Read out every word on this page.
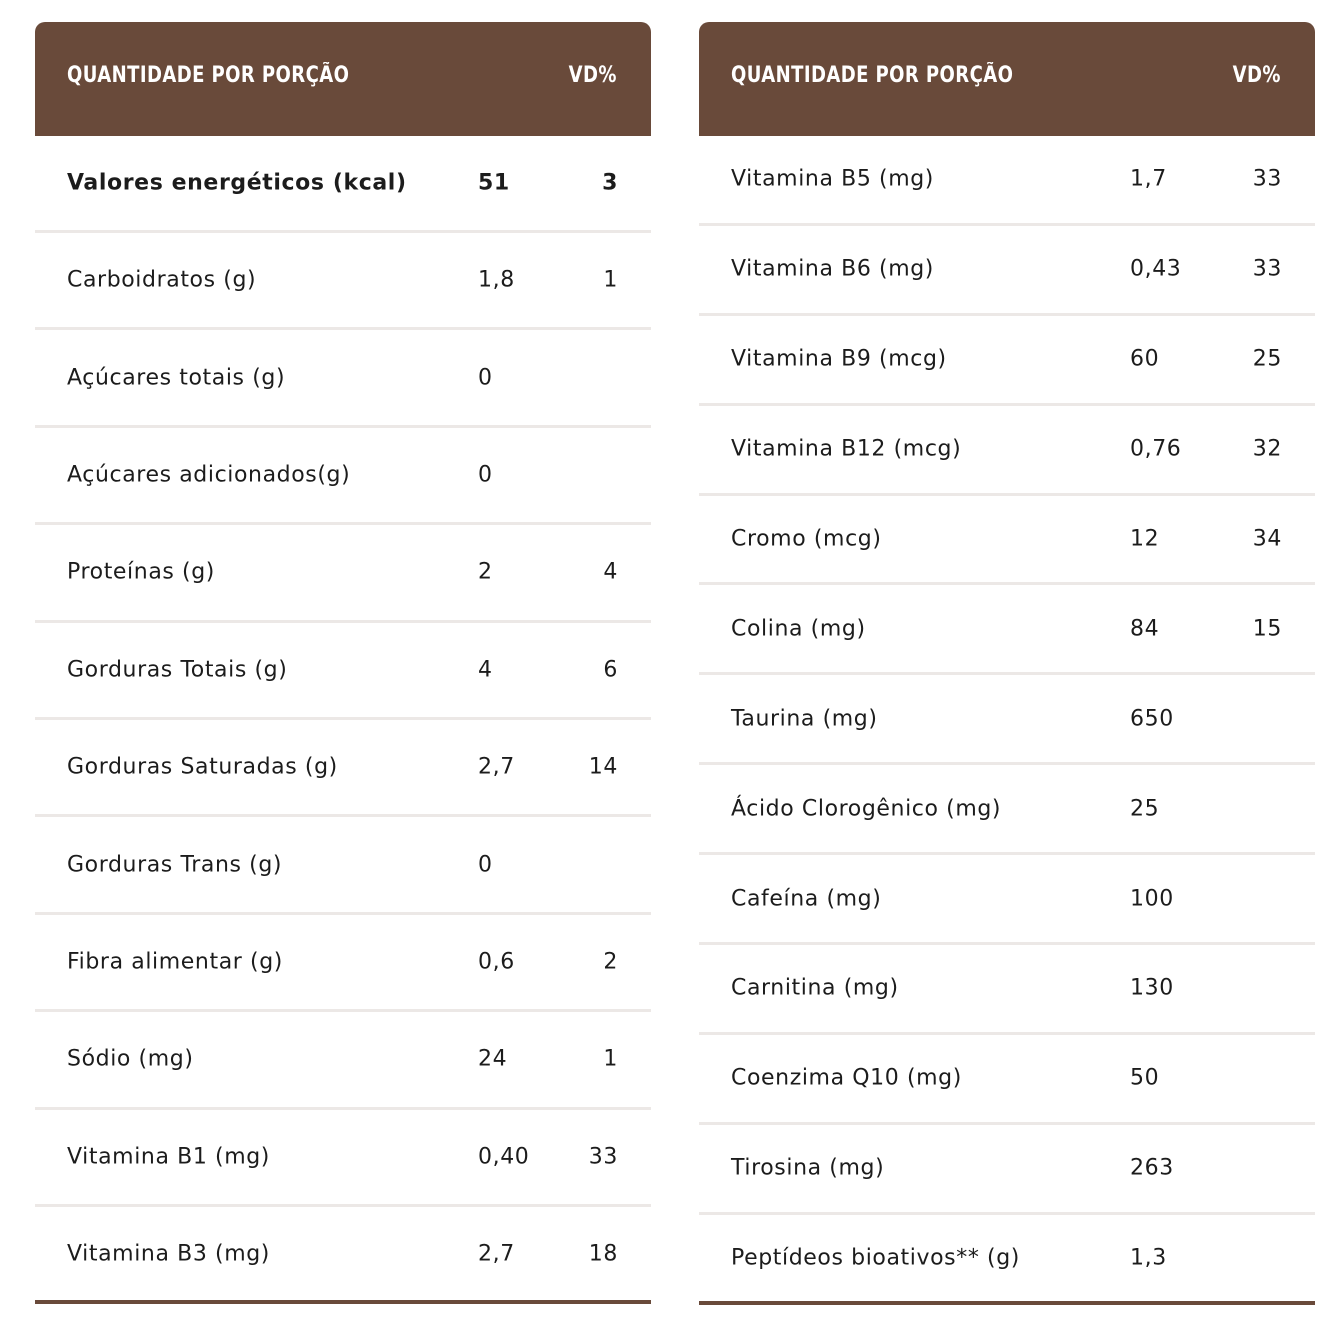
QUANTIDADE POR PORÇÃO	VD%
Valores energéticos (kcal)	51	3
Carboidratos (g)	1,8	1
Açúcares totais (g)	0
Açúcares adicionados(g)	0
Proteínas (g)	2	4
Gorduras Totais (g)	4	6
Gorduras Saturadas (g)	2,7	14
Gorduras Trans (g)	0
Fibra alimentar (g)	0,6	2
Sódio (mg)	24	1
Vitamina B1 (mg)	0,40	33
Vitamina B3 (mg)	2,7	18
QUANTIDADE POR PORÇÃO	VD%
Vitamina B5 (mg)	1,7	33
Vitamina B6 (mg)	0,43	33
Vitamina B9 (mcg)	60	25
Vitamina B12 (mcg)	0,76	32
Cromo (mcg)	12	34
Colina (mg)	84	15
Taurina (mg)	650
Ácido Clorogênico (mg)	25
Cafeína (mg)	100
Carnitina (mg)	130
Coenzima Q10 (mg)	50
Tirosina (mg)	263
Peptídeos bioativos** (g)	1,3
